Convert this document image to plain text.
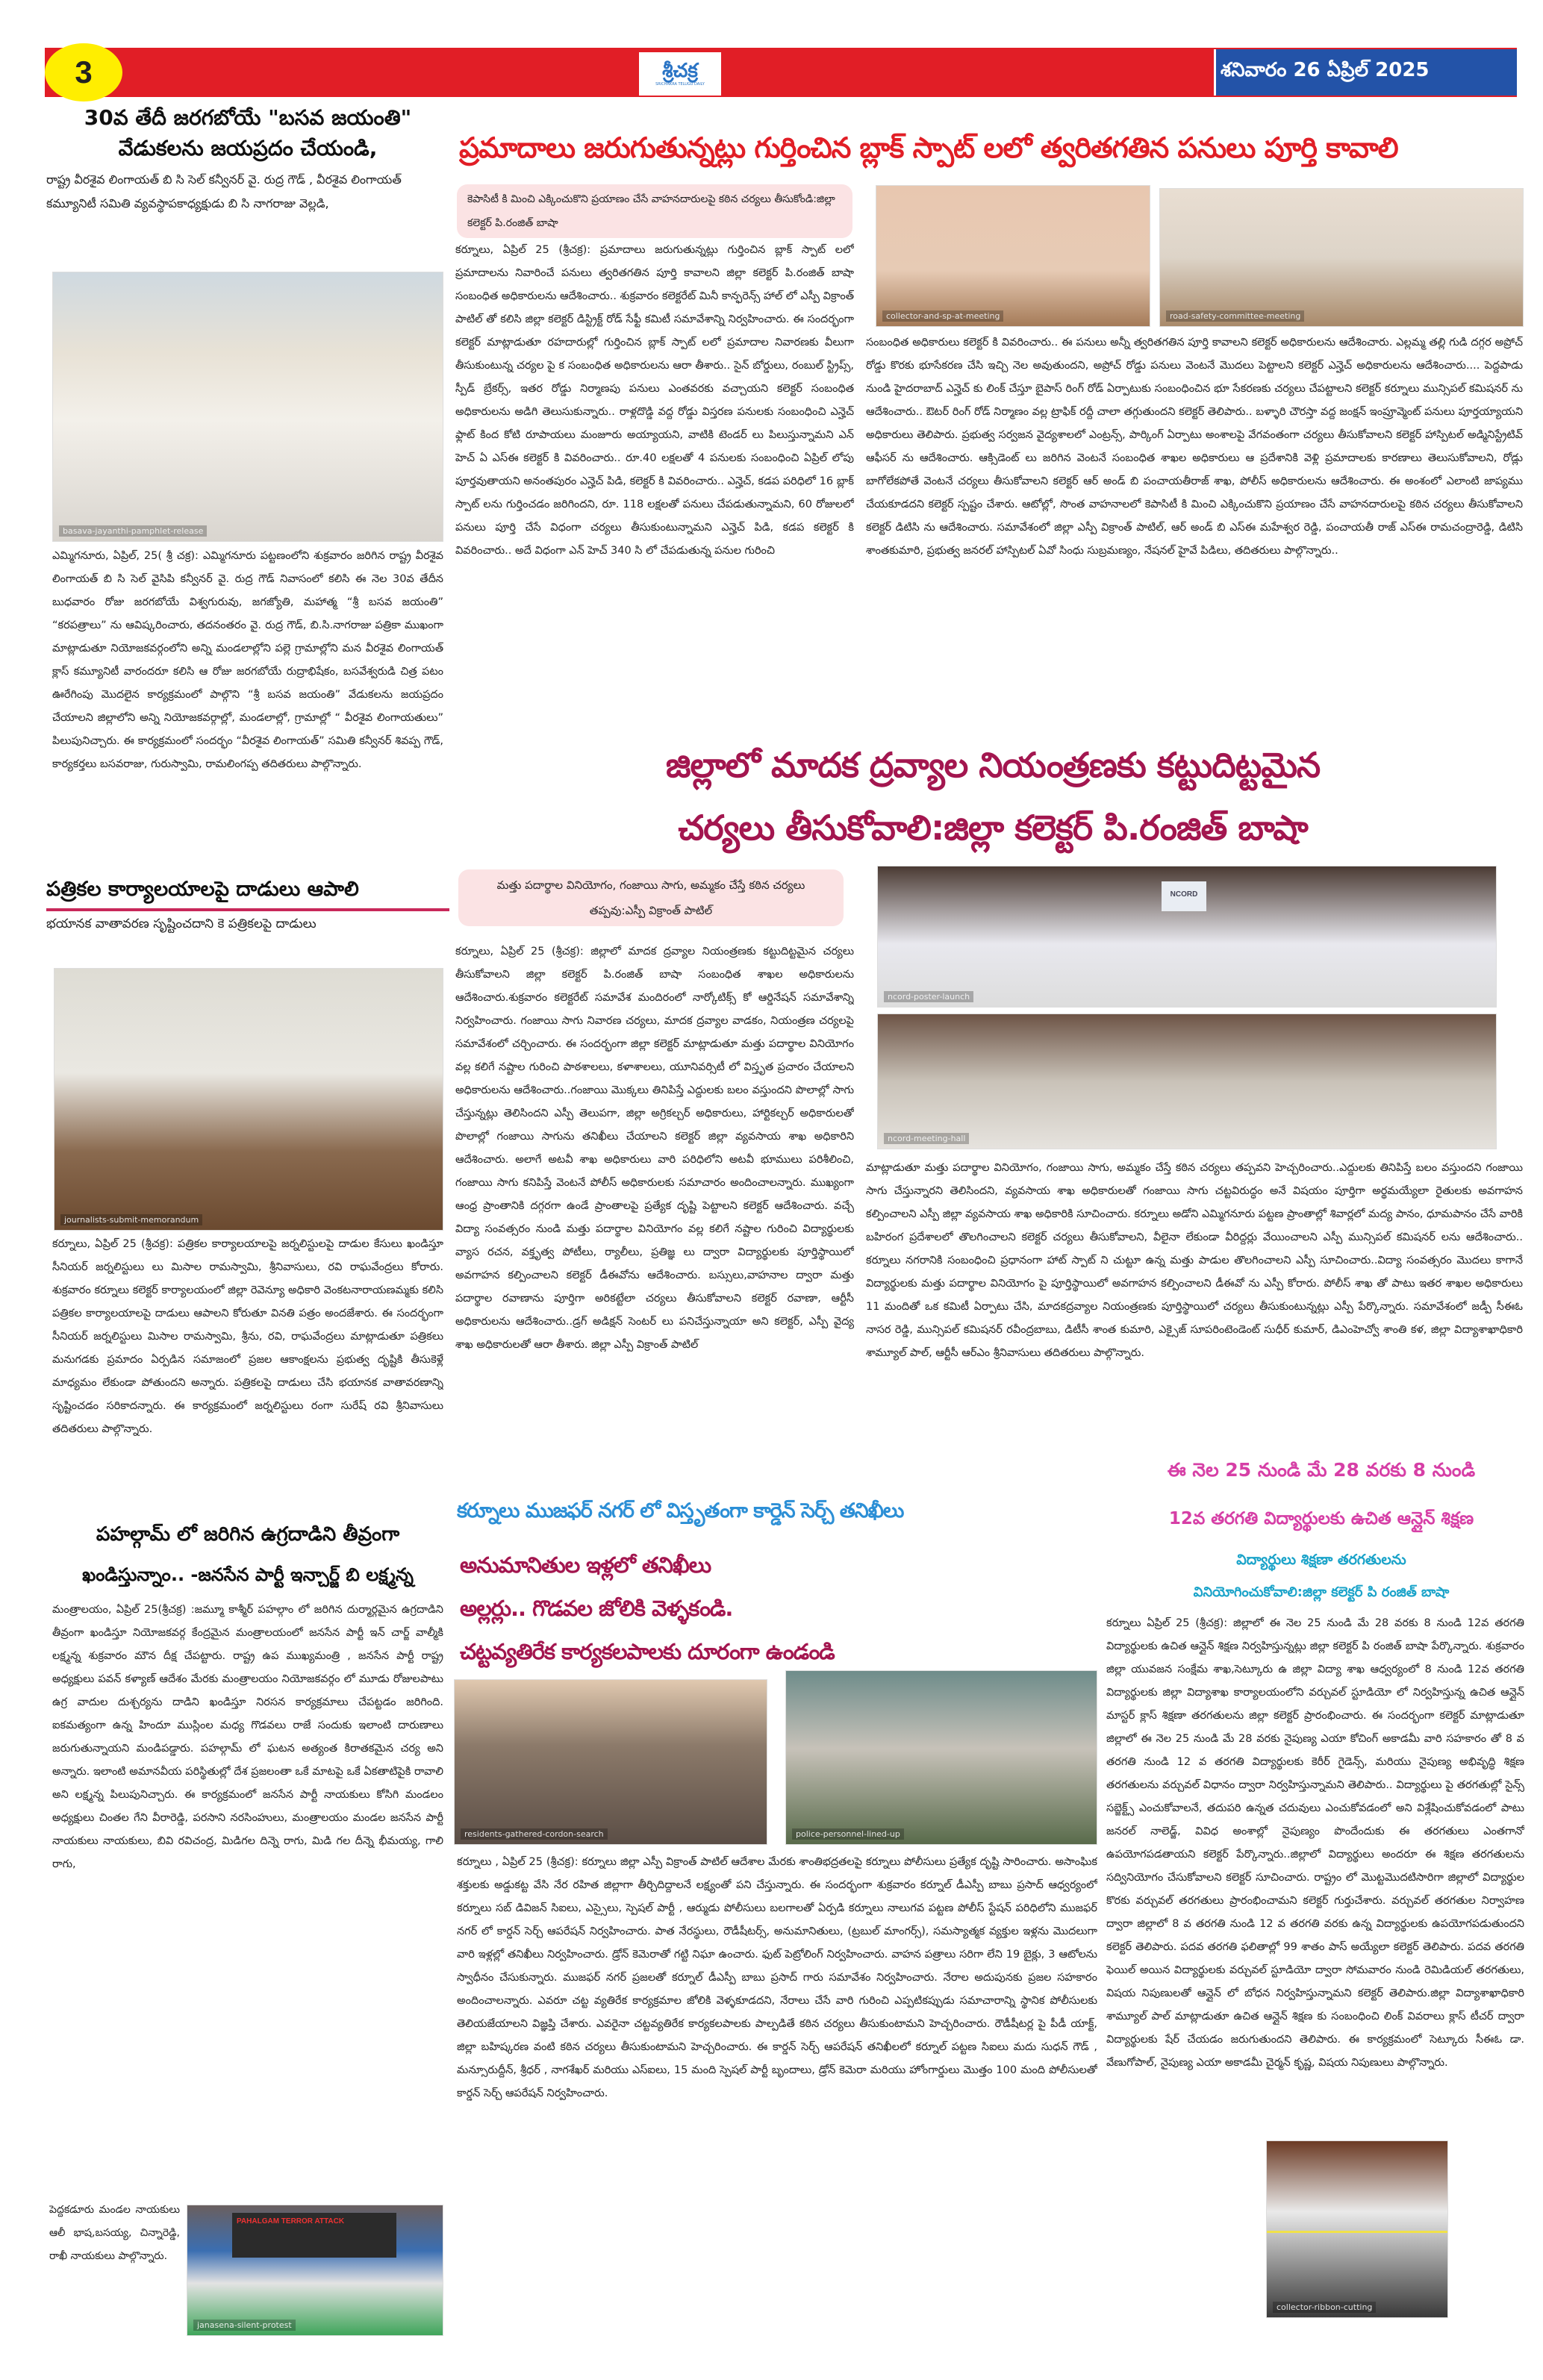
3	శ్రీచక్ర
SRICHAKRA TELUGU DAILY
శనివారం 26 ఏప్రిల్ 2025
30వ తేదీ జరగబోయే "బసవ జయంతి"
వేడుకలను జయప్రదం చేయండి,
రాష్ట్ర వీరశైవ లింగాయత్ బి సి సెల్ కన్వీనర్ వై. రుద్ర గౌడ్ , వీరశైవ లింగాయత్ కమ్యూనిటీ సమితి వ్యవస్థాపకాధ్యక్షుడు బి సి నాగరాజు వెల్లడి,
basava-jayanthi-pamphlet-release
ఎమ్మిగనూరు, ఏప్రిల్, 25( శ్రీ చక్ర): ఎమ్మిగనూరు పట్టణంలోని శుక్రవారం జరిగిన రాష్ట్ర వీరశైవ లింగాయత్ బి సి సెల్ వైసిపి కన్వీనర్ వై. రుద్ర గౌడ్ నివాసంలో కలిసి ఈ నెల 30వ తేదీన బుధవారం రోజు జరగబోయే విశ్వగురువు, జగజ్యోతి, మహాత్మ “శ్రీ బసవ జయంతి” “కరపత్రాలు” ను ఆవిష్కరించారు, తదనంతరం వై. రుద్ర గౌడ్, బి.సి.నాగరాజు పత్రికా ముఖంగా మాట్లాడుతూ నియోజకవర్గంలోని అన్ని మండలాల్లోని పల్లె గ్రామాల్లోని మన వీరశైవ లింగాయత్ క్లాస్ కమ్యూనిటీ వారందరూ కలిసి ఆ రోజు జరగబోయే రుద్రాభిషేకం, బసవేశ్వరుడి చిత్ర పటం ఊరేగింపు మొదలైన కార్యక్రమంలో పాల్గొని “శ్రీ బసవ జయంతి” వేడుకలను జయప్రదం చేయాలని జిల్లాలోని అన్ని నియోజకవర్గాల్లో, మండలాల్లో, గ్రామాల్లో “ వీరశైవ లింగాయతులు” పిలుపునిచ్చారు. ఈ కార్యక్రమంలో సందర్భం “వీరశైవ లింగాయత్” సమితి కన్వీనర్ శివప్ప గౌడ్, కార్యకర్తలు బసవరాజు, గురుస్వామి, రామలింగప్ప తదితరులు పాల్గొన్నారు.
పత్రికల కార్యాలయాలపై దాడులు ఆపాలి
భయానక వాతావరణ సృష్టించదాని కె పత్రికలపై దాడులు
journalists-submit-memorandum
కర్నూలు, ఏప్రిల్ 25 (శ్రీచక్ర): పత్రికల కార్యాలయాలపై జర్నలిస్టులపై దాడుల కేసులు ఖండిస్తూ సీనియర్ జర్నలిస్టులు లు మిసాల రామస్వామి, శ్రీనివాసులు, రవి రాఘవేంద్రలు కోరారు. శుక్రవారం కర్నూలు కలెక్టర్ కార్యాలయంలో జిల్లా రెవెన్యూ అధికారి వెంకటనారాయణమ్మకు కలిసి పత్రికల కార్యాలయాలపై దాడులు ఆపాలని కోరుతూ వినతి పత్రం అందజేశారు. ఈ సందర్భంగా సీనియర్ జర్నలిస్టులు మిసాల రామస్వామి, శ్రీను, రవి, రాఘవేంద్రలు మాట్లాడుతూ పత్రికలు మనుగడకు ప్రమాదం ఏర్పడిన సమాజంలో ప్రజల ఆకాంక్షలను ప్రభుత్వ దృష్టికి తీసుకెళ్లే మాధ్యమం లేకుండా పోతుందని అన్నారు. పత్రికలపై దాడులు చేసి భయానక వాతావరణాన్ని సృష్టించడం సరికాదన్నారు. ఈ కార్యక్రమంలో జర్నలిస్టులు రంగా సురేష్ రవి శ్రీనివాసులు తదితరులు పాల్గొన్నారు.
పహల్గామ్ లో జరిగిన ఉగ్రదాడిని తీవ్రంగా
ఖండిస్తున్నాం.. -జనసేన పార్టీ ఇన్చార్జ్ బి లక్ష్మన్న
మంత్రాలయం, ఏప్రిల్ 25(శ్రీచక్ర) :జమ్మూ కాశ్మీర్ పహల్గాం లో జరిగిన దుర్మార్గమైన ఉగ్రదాడిని తీవ్రంగా ఖండిస్తూ నియోజకవర్గ కేంద్రమైన మంత్రాలయంలో జనసేన పార్టీ ఇన్ చార్జ్ వాల్మీకి లక్ష్మన్న శుక్రవారం మౌన దీక్ష చేపట్టారు. రాష్ట్ర ఉప ముఖ్యమంత్రి , జనసేన పార్టీ రాష్ట్ర అధ్యక్షులు పవన్ కళ్యాణ్ ఆదేశం మేరకు మంత్రాలయం నియోజకవర్గం లో మూడు రోజులపాటు ఉగ్ర వాదుల దుశ్చర్యను దాడిని ఖండిస్తూ నిరసన కార్యక్రమాలు చేపట్టడం జరిగింది. ఐకమత్యంగా ఉన్న హిందూ ముస్లింల మధ్య గొడవలు రాజే సందుకు ఇలాంటి దారుణాలు జరుగుతున్నాయని మండిపడ్డారు. పహల్గామ్ లో ఘటన అత్యంత కిరాతకమైన చర్య అని అన్నారు. ఇలాంటి అమానవీయ పరిస్థితుల్లో దేశ ప్రజలంతా ఒకే మాటపై ఒకే ఏకతాటిపైకి రావాలి అని లక్ష్మన్న పిలుపునిచ్చారు. ఈ కార్యక్రమంలో జనసేన పార్టీ నాయకులు కోసిగి మండలం అధ్యక్షులు చింతల గేని వీరారెడ్డి, పరసాని నరసింహులు, మంత్రాలయం మండల జనసేన పార్టీ నాయకులు నాయకులు, బివి రవిచంద్ర, మిడిగల దిన్నె రాగు, మిడి గల దీన్నె భీమయ్య, గాలి రాగు,
పెద్దకడూరు మండల నాయకులు ఆలీ భాష,బసయ్య, చిన్నారెడ్డి, రాఖీ నాయకులు పాల్గొన్నారు.
PAHALGAM TERROR ATTACK
janasena-silent-protest
ప్రమాదాలు జరుగుతున్నట్లు గుర్తించిన బ్లాక్ స్పాట్ లలో త్వరితగతిన పనులు పూర్తి కావాలి
కెపాసిటీ కి మించి ఎక్కించుకొని ప్రయాణం చేసే వాహనదారులపై కఠిన చర్యలు తీసుకోండి:జిల్లా కలెక్టర్ పి.రంజిత్ బాషా
కర్నూలు, ఏప్రిల్ 25 (శ్రీచక్ర): ప్రమాదాలు జరుగుతున్నట్లు గుర్తించిన బ్లాక్ స్పాట్ లలో ప్రమాదాలను నివారించే పనులు త్వరితగతిన పూర్తి కావాలని జిల్లా కలెక్టర్ పి.రంజిత్ బాషా సంబంధిత అధికారులను ఆదేశించారు.. శుక్రవారం కలెక్టరేట్ మినీ కాన్ఫరెన్స్ హాల్ లో ఎస్పీ విక్రాంత్ పాటిల్ తో కలిసి జిల్లా కలెక్టర్ డిస్ట్రిక్ట్ రోడ్ సేఫ్టీ కమిటీ సమావేశాన్ని నిర్వహించారు. ఈ సందర్భంగా కలెక్టర్ మాట్లాడుతూ రహదారుల్లో గుర్తించిన బ్లాక్ స్పాట్ లలో ప్రమాదాల నివారణకు వీలుగా తీసుకుంటున్న చర్యల పై క సంబంధిత అధికారులను ఆరా తీశారు.. సైన్ బోర్డులు, రంబుల్ స్ట్రిప్స్, స్పీడ్ బ్రేకర్స్, ఇతర రోడ్డు నిర్మాణపు పనులు ఎంతవరకు వచ్చాయని కలెక్టర్ సంబంధిత అధికారులను అడిగి తెలుసుకున్నారు.. రాళ్లదొడ్డి వద్ద రోడ్డు విస్తరణ పనులకు సంబంధించి ఎన్హెచ్ ఫ్లాట్ కింద కోటి రూపాయలు మంజూరు అయ్యాయని, వాటికి టెండర్ లు పిలుస్తున్నామని ఎన్ హెచ్ ఏ ఎస్ఈ కలెక్టర్ కి వివరించారు.. రూ.40 లక్షలతో 4 పనులకు సంబంధించి ఏప్రిల్ లోపు పూర్తవుతాయని అనంతపురం ఎన్హెచ్ పిడి, కలెక్టర్ కి వివరించారు.. ఎన్హెచ్, కడప పరిధిలో 16 బ్లాక్ స్పాట్ లను గుర్తించడం జరిగిందని, రూ. 118 లక్షలతో పనులు చేపడుతున్నామని, 60 రోజులలో పనులు పూర్తి చేసే విధంగా చర్యలు తీసుకుంటున్నామని ఎన్హెచ్ పిడి, కడప కలెక్టర్ కి వివరించారు.. అదే విధంగా ఎన్ హెచ్ 340 సి లో చేపడుతున్న పనుల గురించి
collector-and-sp-at-meeting	road-safety-committee-meeting
సంబంధిత అధికారులు కలెక్టర్ కి వివరించారు.. ఈ పనులు అన్నీ త్వరితగతిన పూర్తి కావాలని కలెక్టర్ అధికారులను ఆదేశించారు. ఎల్లమ్మ తల్లి గుడి దగ్గర అప్రోచ్ రోడ్డు కొరకు భూసేకరణ చేసి ఇచ్చి నెల అవుతుందని, అప్రోచ్ రోడ్డు పనులు వెంటనే మొదలు పెట్టాలని కలెక్టర్ ఎన్హెచ్ అధికారులను ఆదేశించారు.... పెద్దపాడు నుండి హైదరాబాద్ ఎన్హెచ్ కు లింక్ చేస్తూ బైపాస్ రింగ్ రోడ్ ఏర్పాటుకు సంబంధించిన భూ సేకరణకు చర్యలు చేపట్టాలని కలెక్టర్ కర్నూలు మున్సిపల్ కమిషనర్ ను ఆదేశించారు.. ఔటర్ రింగ్ రోడ్ నిర్మాణం వల్ల ట్రాఫిక్ రద్దీ చాలా తగ్గుతుందని కలెక్టర్ తెలిపారు.. బళ్ళారి చౌరస్తా వద్ద జంక్షన్ ఇంప్రూవ్మెంట్ పనులు పూర్తయ్యాయని అధికారులు తెలిపారు. ప్రభుత్వ సర్వజన వైద్యశాలలో ఎంట్రన్స్, పార్కింగ్ ఏర్పాటు అంశాలపై వేగవంతంగా చర్యలు తీసుకోవాలని కలెక్టర్ హాస్పిటల్ అడ్మినిస్ట్రేటివ్ ఆఫీసర్ ను ఆదేశించారు. ఆక్సిడెంట్ లు జరిగిన వెంటనే సంబంధిత శాఖల అధికారులు ఆ ప్రదేశానికి వెళ్లి ప్రమాదాలకు కారణాలు తెలుసుకోవాలని, రోడ్లు బాగోలేకపోతే వెంటనే చర్యలు తీసుకోవాలని కలెక్టర్ ఆర్ అండ్ బి పంచాయతీరాజ్ శాఖ, పోలీస్ అధికారులను ఆదేశించారు. ఈ అంశంలో ఎలాంటి జాప్యము చేయకూడదని కలెక్టర్ స్పష్టం చేశారు. ఆటోల్లో, సొంత వాహనాలలో కెపాసిటీ కి మించి ఎక్కించుకొని ప్రయాణం చేసే వాహనదారులపై కఠిన చర్యలు తీసుకోవాలని కలెక్టర్ డిటిసి ను ఆదేశించారు. సమావేశంలో జిల్లా ఎస్పీ విక్రాంత్ పాటిల్, ఆర్ అండ్ బి ఎస్ఈ మహేశ్వర రెడ్డి, పంచాయతీ రాజ్ ఎస్ఈ రామచంద్రారెడ్డి, డిటిసి శాంతకుమారి, ప్రభుత్వ జనరల్ హాస్పిటల్ ఏవో సింధు సుబ్రమణ్యం, నేషనల్ హైవే పిడిలు, తదితరులు పాల్గొన్నారు..
జిల్లాలో మాదక ద్రవ్యాల నియంత్రణకు కట్టుదిట్టమైన
చర్యలు తీసుకోవాలి:జిల్లా కలెక్టర్ పి.రంజిత్ బాషా
మత్తు పదార్థాల వినియోగం, గంజాయి సాగు, అమ్మకం చేస్తే కఠిన చర్యలు తప్పవు:ఎస్పీ విక్రాంత్ పాటిల్
కర్నూలు, ఏప్రిల్ 25 (శ్రీచక్ర): జిల్లాలో మాదక ద్రవ్యాల నియంత్రణకు కట్టుదిట్టమైన చర్యలు తీసుకోవాలని జిల్లా కలెక్టర్ పి.రంజిత్ బాషా సంబంధిత శాఖల అధికారులను ఆదేశించారు.శుక్రవారం కలెక్టరేట్ సమావేశ మందిరంలో నార్కోటిక్స్ కో ఆర్డినేషన్ సమావేశాన్ని నిర్వహించారు. గంజాయి సాగు నివారణ చర్యలు, మాదక ద్రవ్యాల వాడకం, నియంత్రణ చర్యలపై సమావేశంలో చర్చించారు. ఈ సందర్భంగా జిల్లా కలెక్టర్ మాట్లాడుతూ మత్తు పదార్థాల వినియోగం వల్ల కలిగే నష్టాల గురించి పాఠశాలలు, కళాశాలలు, యూనివర్సిటీ లో విస్తృత ప్రచారం చేయాలని అధికారులను ఆదేశించారు..గంజాయి మొక్కలు తినిపిస్తే ఎద్దులకు బలం వస్తుందని పొలాల్లో సాగు చేస్తున్నట్లు తెలిసిందని ఎస్పీ తెలుపగా, జిల్లా అగ్రికల్చర్ అధికారులు, హార్టికల్చర్ అధికారులతో పొలాల్లో గంజాయి సాగును తనిఖీలు చేయాలని కలెక్టర్ జిల్లా వ్యవసాయ శాఖ అధికారిని ఆదేశించారు. అలాగే అటవీ శాఖ అధికారులు వారి పరిధిలోని అటవీ భూములు పరిశీలించి, గంజాయి సాగు కనిపిస్తే వెంటనే పోలీస్ అధికారులకు సమాచారం అందించాలన్నారు. ముఖ్యంగా ఆంధ్ర ప్రాంతానికి దగ్గరగా ఉండే ప్రాంతాలపై ప్రత్యేక దృష్టి పెట్టాలని కలెక్టర్ ఆదేశించారు. వచ్చే విద్యా సంవత్సరం నుండి మత్తు పదార్థాల వినియోగం వల్ల కలిగే నష్టాల గురించి విద్యార్థులకు వ్యాస రచన, వక్తృత్వ పోటీలు, ర్యాలీలు, ప్రతిజ్ఞ లు ద్వారా విద్యార్థులకు పూర్తిస్థాయిలో అవగాహన కల్పించాలని కలెక్టర్ డీఈవోను ఆదేశించారు. బస్సులు,వాహనాల ద్వారా మత్తు పదార్థాల రవాణాను పూర్తిగా అరికట్టేలా చర్యలు తీసుకోవాలని కలెక్టర్ రవాణా, ఆర్టీసీ అధికారులను ఆదేశించారు..డ్రగ్ అడిక్షన్ సెంటర్ లు పనిచేస్తున్నాయా అని కలెక్టర్, ఎస్పీ వైద్య శాఖ అధికారులతో ఆరా తీశారు. జిల్లా ఎస్పీ విక్రాంత్ పాటిల్
ncord-poster-launch
NCORD
ncord-meeting-hall
మాట్లాడుతూ మత్తు పదార్థాల వినియోగం, గంజాయి సాగు, అమ్మకం చేస్తే కఠిన చర్యలు తప్పవని హెచ్చరించారు..ఎద్దులకు తినిపిస్తే బలం వస్తుందని గంజాయి సాగు చేస్తున్నారని తెలిసిందని, వ్యవసాయ శాఖ అధికారులతో గంజాయి సాగు చట్టవిరుద్ధం అనే విషయం పూర్తిగా అర్థమయ్యేలా రైతులకు అవగాహన కల్పించాలని ఎస్పీ జిల్లా వ్యవసాయ శాఖ అధికారికి సూచించారు. కర్నూలు అడోని ఎమ్మిగనూరు పట్టణ ప్రాంతాల్లో శివార్లలో మద్య పానం, ధూమపానం చేసే వారికి బహిరంగ ప్రదేశాలలో తొలగించాలని కలెక్టర్ చర్యలు తీసుకోవాలని, వీలైనా లేకుండా వీరిద్దర్లు వేయించాలని ఎస్పీ మున్సిపల్ కమిషనర్ లను ఆదేశించారు.. కర్నూలు నగరానికి సంబంధించి ప్రధానంగా హాట్ స్పాట్ ని చుట్టూ ఉన్న మత్తు పాడుల తొలగించాలని ఎస్పీ సూచించారు..విద్యా సంవత్సరం మొదలు కాగానే విద్యార్థులకు మత్తు పదార్థాల వినియోగం పై పూర్తిస్థాయిలో అవగాహన కల్పించాలని డీఈవో ను ఎస్పీ కోరారు. పోలీస్ శాఖ తో పాటు ఇతర శాఖల అధికారులు 11 మందితో ఒక కమిటీ ఏర్పాటు చేసి, మాదకద్రవ్యాల నియంత్రణకు పూర్తిస్థాయిలో చర్యలు తీసుకుంటున్నట్లు ఎస్పీ పేర్కొన్నారు. సమావేశంలో జడ్పీ సీఈఓ నాసర రెడ్డి, మున్సిపల్ కమిషనర్ రవీంద్రబాబు, డిటీసీ శాంత కుమారి, ఎక్సైజ్ సూపరింటెండెంట్ సుధీర్ కుమార్, డిఎంహెచ్వో శాంతి కళ, జిల్లా విద్యాశాఖాధికారి శామ్యూల్ పాల్, ఆర్టీసీ ఆర్ఎం శ్రీనివాసులు తదితరులు పాల్గొన్నారు.
కర్నూలు ముజఫర్ నగర్ లో విస్తృతంగా కార్డెన్ సెర్చ్ తనిఖీలు
అనుమానితుల ఇళ్లలో తనిఖీలు
అల్లర్లు.. గొడవల జోలికి వెళ్ళకండి.
చట్టవ్యతిరేక కార్యకలపాలకు దూరంగా ఉండండి
residents-gathered-cordon-search	police-personnel-lined-up
కర్నూలు , ఏప్రిల్ 25 (శ్రీచక్ర): కర్నూలు జిల్లా ఎస్పీ విక్రాంత్ పాటిల్ ఆదేశాల మేరకు శాంతిభద్రతలపై కర్నూలు పోలీసులు ప్రత్యేక దృష్టి సారించారు. అసాంఘిక శక్తులకు అడ్డుకట్ట వేసి నేర రహిత జిల్లాగా తీర్చిదిద్దాలనే లక్ష్యంతో పని చేస్తున్నారు. ఈ సందర్భంగా శుక్రవారం కర్నూల్ డీఎస్పీ బాబు ప్రసాద్ ఆధ్వర్యంలో కర్నూలు సబ్ డివిజన్ సిఐలు, ఎస్సైలు, స్పెషల్ పార్టీ , ఆర్ముడు పోలీసులు బలగాలతో ఏర్పడి కర్నూలు నాలుగవ పట్టణ పోలీస్ స్టేషన్ పరిధిలోని ముజఫర్ నగర్ లో కార్డన్ సెర్చ్ ఆపరేషన్ నిర్వహించారు. పాత నేరస్థులు, రౌడీషీటర్స్, అనుమానితులు, (ట్రబుల్ మాంగర్స్), సమస్యాత్మక వ్యక్తుల ఇళ్లను మొదలుగా వారి ఇళ్లల్లో తనిఖీలు నిర్వహించారు. డ్రోన్ కెమెరాతో గట్టి నిఘా ఉంచారు. ఫుట్ పెట్రోలింగ్ నిర్వహించారు. వాహన పత్రాలు సరిగా లేని 19 బైక్లు, 3 ఆటోలను స్వాధీనం చేసుకున్నారు. ముజఫర్ నగర్ ప్రజలతో కర్నూల్ డీఎస్పీ బాబు ప్రసాద్ గారు సమావేశం నిర్వహించారు. నేరాల అదుపునకు ప్రజల సహకారం అందించాలన్నారు. ఎవరూ చట్ట వ్యతిరేక కార్యక్రమాల జోలికి వెళ్ళకూడదని, నేరాలు చేసే వారి గురించి ఎప్పటికప్పుడు సమాచారాన్ని స్థానిక పోలీసులకు తెలియజేయాలని విజ్ఞప్తి చేశారు. ఎవరైనా చట్టవ్యతిరేక కార్యకలపాలకు పాల్పడితే కఠిన చర్యలు తీసుకుంటామని హెచ్చరించారు. రౌడీషీటర్ల పై పీడీ యాక్ట్, జిల్లా బహిష్కరణ వంటి కఠిన చర్యలు తీసుకుంటామని హెచ్చరించారు. ఈ కార్డన్ సెర్చ్ ఆపరేషన్ తనిఖీలలో కర్నూల్ పట్టణ సిఐలు మదు సుధన్ గౌడ్ , మన్సూరుద్దీన్, శ్రీధర్ , నాగశేఖర్ మరియు ఎస్ఐలు, 15 మంది స్పెషల్ పార్టీ బృందాలు, డ్రోన్ కెమెరా మరియు హోంగార్డులు మొత్తం 100 మంది పోలీసులతో కార్డన్ సెర్చ్ ఆపరేషన్ నిర్వహించారు.
ఈ నెల 25 నుండి మే 28 వరకు 8 నుండి
12వ తరగతి విద్యార్థులకు ఉచిత ఆన్లైన్ శిక్షణ
విద్యార్థులు శిక్షణా తరగతులను
వినియోగించుకోవాలి:జిల్లా కలెక్టర్ పి రంజిత్ బాషా
కర్నూలు ఏప్రిల్ 25 (శ్రీచక్ర): జిల్లాలో ఈ నెల 25 నుండి మే 28 వరకు 8 నుండి 12వ తరగతి విద్యార్థులకు ఉచిత ఆన్లైన్ శిక్షణ నిర్వహిస్తున్నట్లు జిల్లా కలెక్టర్ పి రంజిత్ బాషా పేర్కొన్నారు. శుక్రవారం జిల్లా యువజన సంక్షేమ శాఖ,సెట్కూరు ఉ జిల్లా విద్యా శాఖ ఆధ్వర్యంలో 8 నుండి 12వ తరగతి విద్యార్థులకు జిల్లా విద్యాశాఖ కార్యాలయంలోని వర్చువల్ స్టూడియో లో నిర్వహిస్తున్న ఉచిత ఆన్లైన్ మాస్టర్ క్లాస్ శిక్షణా తరగతులను జిల్లా కలెక్టర్ ప్రారంభించారు. ఈ సందర్భంగా కలెక్టర్ మాట్లాడుతూ జిల్లాలో ఈ నెల 25 నుండి మే 28 వరకు నైపుణ్య ఎయా కోచింగ్ అకాడమీ వారి సహకారం తో 8 వ తరగతి నుండి 12 వ తరగతి విద్యార్థులకు కెరీర్ గైడెన్స్, మరియు నైపుణ్య అభివృద్ధి శిక్షణ తరగతులను వర్చువల్ విధానం ద్వారా నిర్వహిస్తున్నామని తెలిపారు.. విద్యార్థులు పై తరగతుల్లో సైన్స్ సబ్జెక్ట్స్ ఎంచుకోవాలనే, తదుపరి ఉన్నత చదువులు ఎంచుకోవడంలో అని విశ్లేషించుకోవడంలో పాటు జనరల్ నాలెడ్జ్, వివిధ అంశాల్లో నైపుణ్యం పొందేందుకు ఈ తరగతులు ఎంతగానో ఉపయోగపడతాయని కలెక్టర్ పేర్కొన్నారు..జిల్లాలో విద్యార్థులు అందరూ ఈ శిక్షణ తరగతులను సద్వినియోగం చేసుకోవాలని కలెక్టర్ సూచించారు. రాష్ట్రం లో మొట్టమొదటిసారిగా జిల్లాలో విద్యార్థుల కొరకు వర్చువల్ తరగతులు ప్రారంభించామని కలెక్టర్ గుర్తుచేశారు. వర్చువల్ తరగతుల నిర్వాహణ ద్వారా జిల్లాలో 8 వ తరగతి నుండి 12 వ తరగతి వరకు ఉన్న విద్యార్థులకు ఉపయోగపడుతుందని కలెక్టర్ తెలిపారు. పదవ తరగతి ఫలితాల్లో 99 శాతం పాస్ అయ్యేలా కలెక్టర్ తెలిపారు. పదవ తరగతి ఫెయిల్ అయిన విద్యార్థులకు వర్చువల్ స్టూడియో ద్వారా సోమవారం నుండి రెమిడియల్ తరగతులు, విషయ నిపుణులతో ఆన్లైన్ లో బోధన నిర్వహిస్తున్నామని కలెక్టర్ తెలిపారు.జిల్లా విద్యాశాఖాధికారి శామ్యూల్ పాల్ మాట్లాడుతూ ఉచిత ఆన్లైన్ శిక్షణ కు సంబంధించి లింక్ వివరాలు క్లాస్ టీచర్ ద్వారా విద్యార్థులకు షేర్ చేయడం జరుగుతుందని తెలిపారు. ఈ కార్యక్రమంలో సెట్కూరు సీఈఓ డా. వేణుగోపాల్, నైపుణ్య ఎయా అకాడమీ చైర్మన్ కృష్ణ, విషయ నిపుణులు పాల్గొన్నారు.
collector-ribbon-cutting
